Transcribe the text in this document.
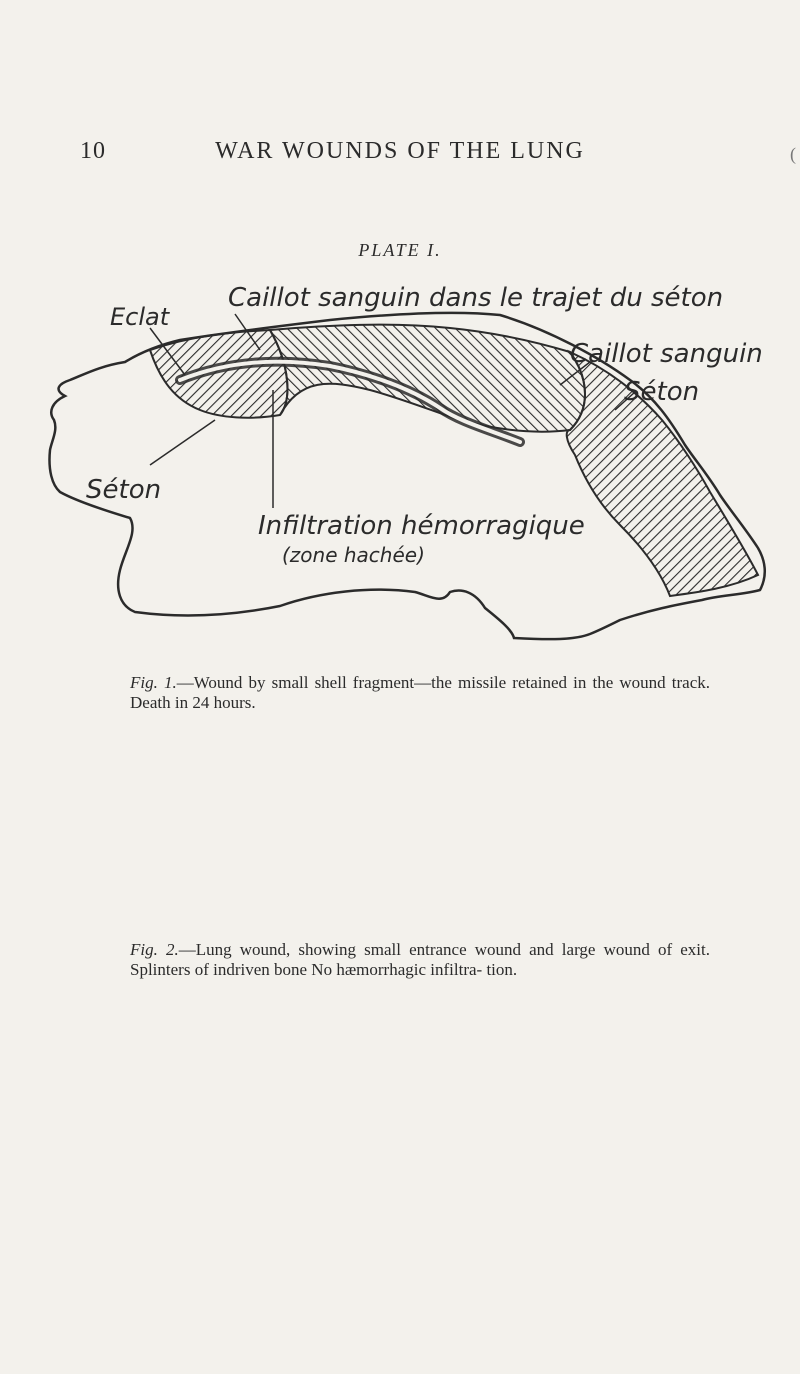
10	WAR WOUNDS OF THE LUNG	(
PLATE I.
Caillot sanguin dans le trajet du séton
Eclat
Caillot sanguin
Séton
Séton
Infiltration hémorragique
(zone hachée)
Fig. 1.—Wound by small shell fragment—the missile retained in the wound track. Death in 24 hours.
Fig. 2.—Lung wound, showing small entrance wound and large wound of exit. Splinters of indriven bone No hæmorrhagic infiltra- tion.
